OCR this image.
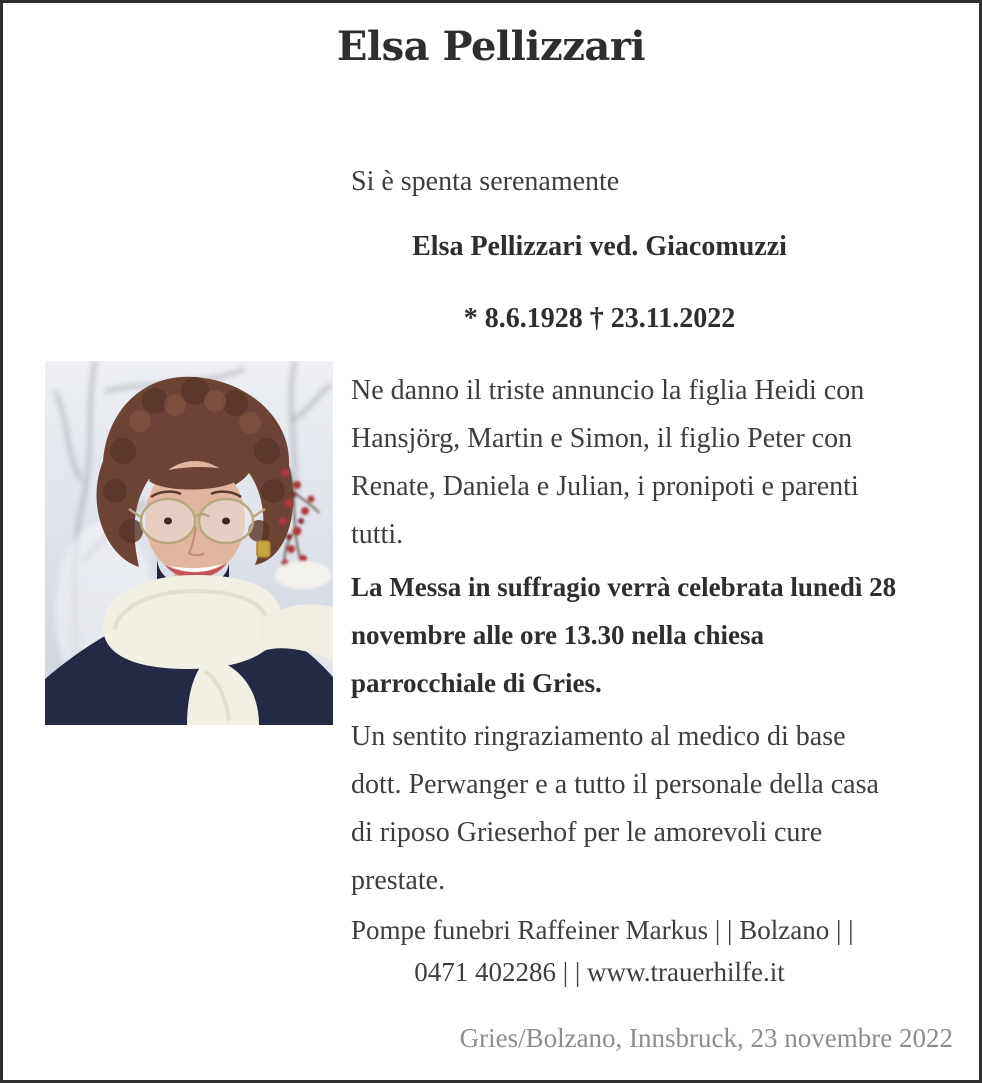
Elsa Pellizzari
Si è spenta serenamente
Elsa Pellizzari ved. Giacomuzzi
* 8.6.1928 † 23.11.2022
Ne danno il triste annuncio la figlia Heidi con
Hansjörg, Martin e Simon, il figlio Peter con
Renate, Daniela e Julian, i pronipoti e parenti
tutti.
La Messa in suffragio verrà celebrata lunedì 28
novembre alle ore 13.30 nella chiesa
parrocchiale di Gries.
Un sentito ringraziamento al medico di base
dott. Perwanger e a tutto il personale della casa
di riposo Grieserhof per le amorevoli cure
prestate.
Pompe funebri Raffeiner Markus | | Bolzano | |
0471 402286 | | www.trauerhilfe.it
Gries/Bolzano, Innsbruck, 23 novembre 2022
